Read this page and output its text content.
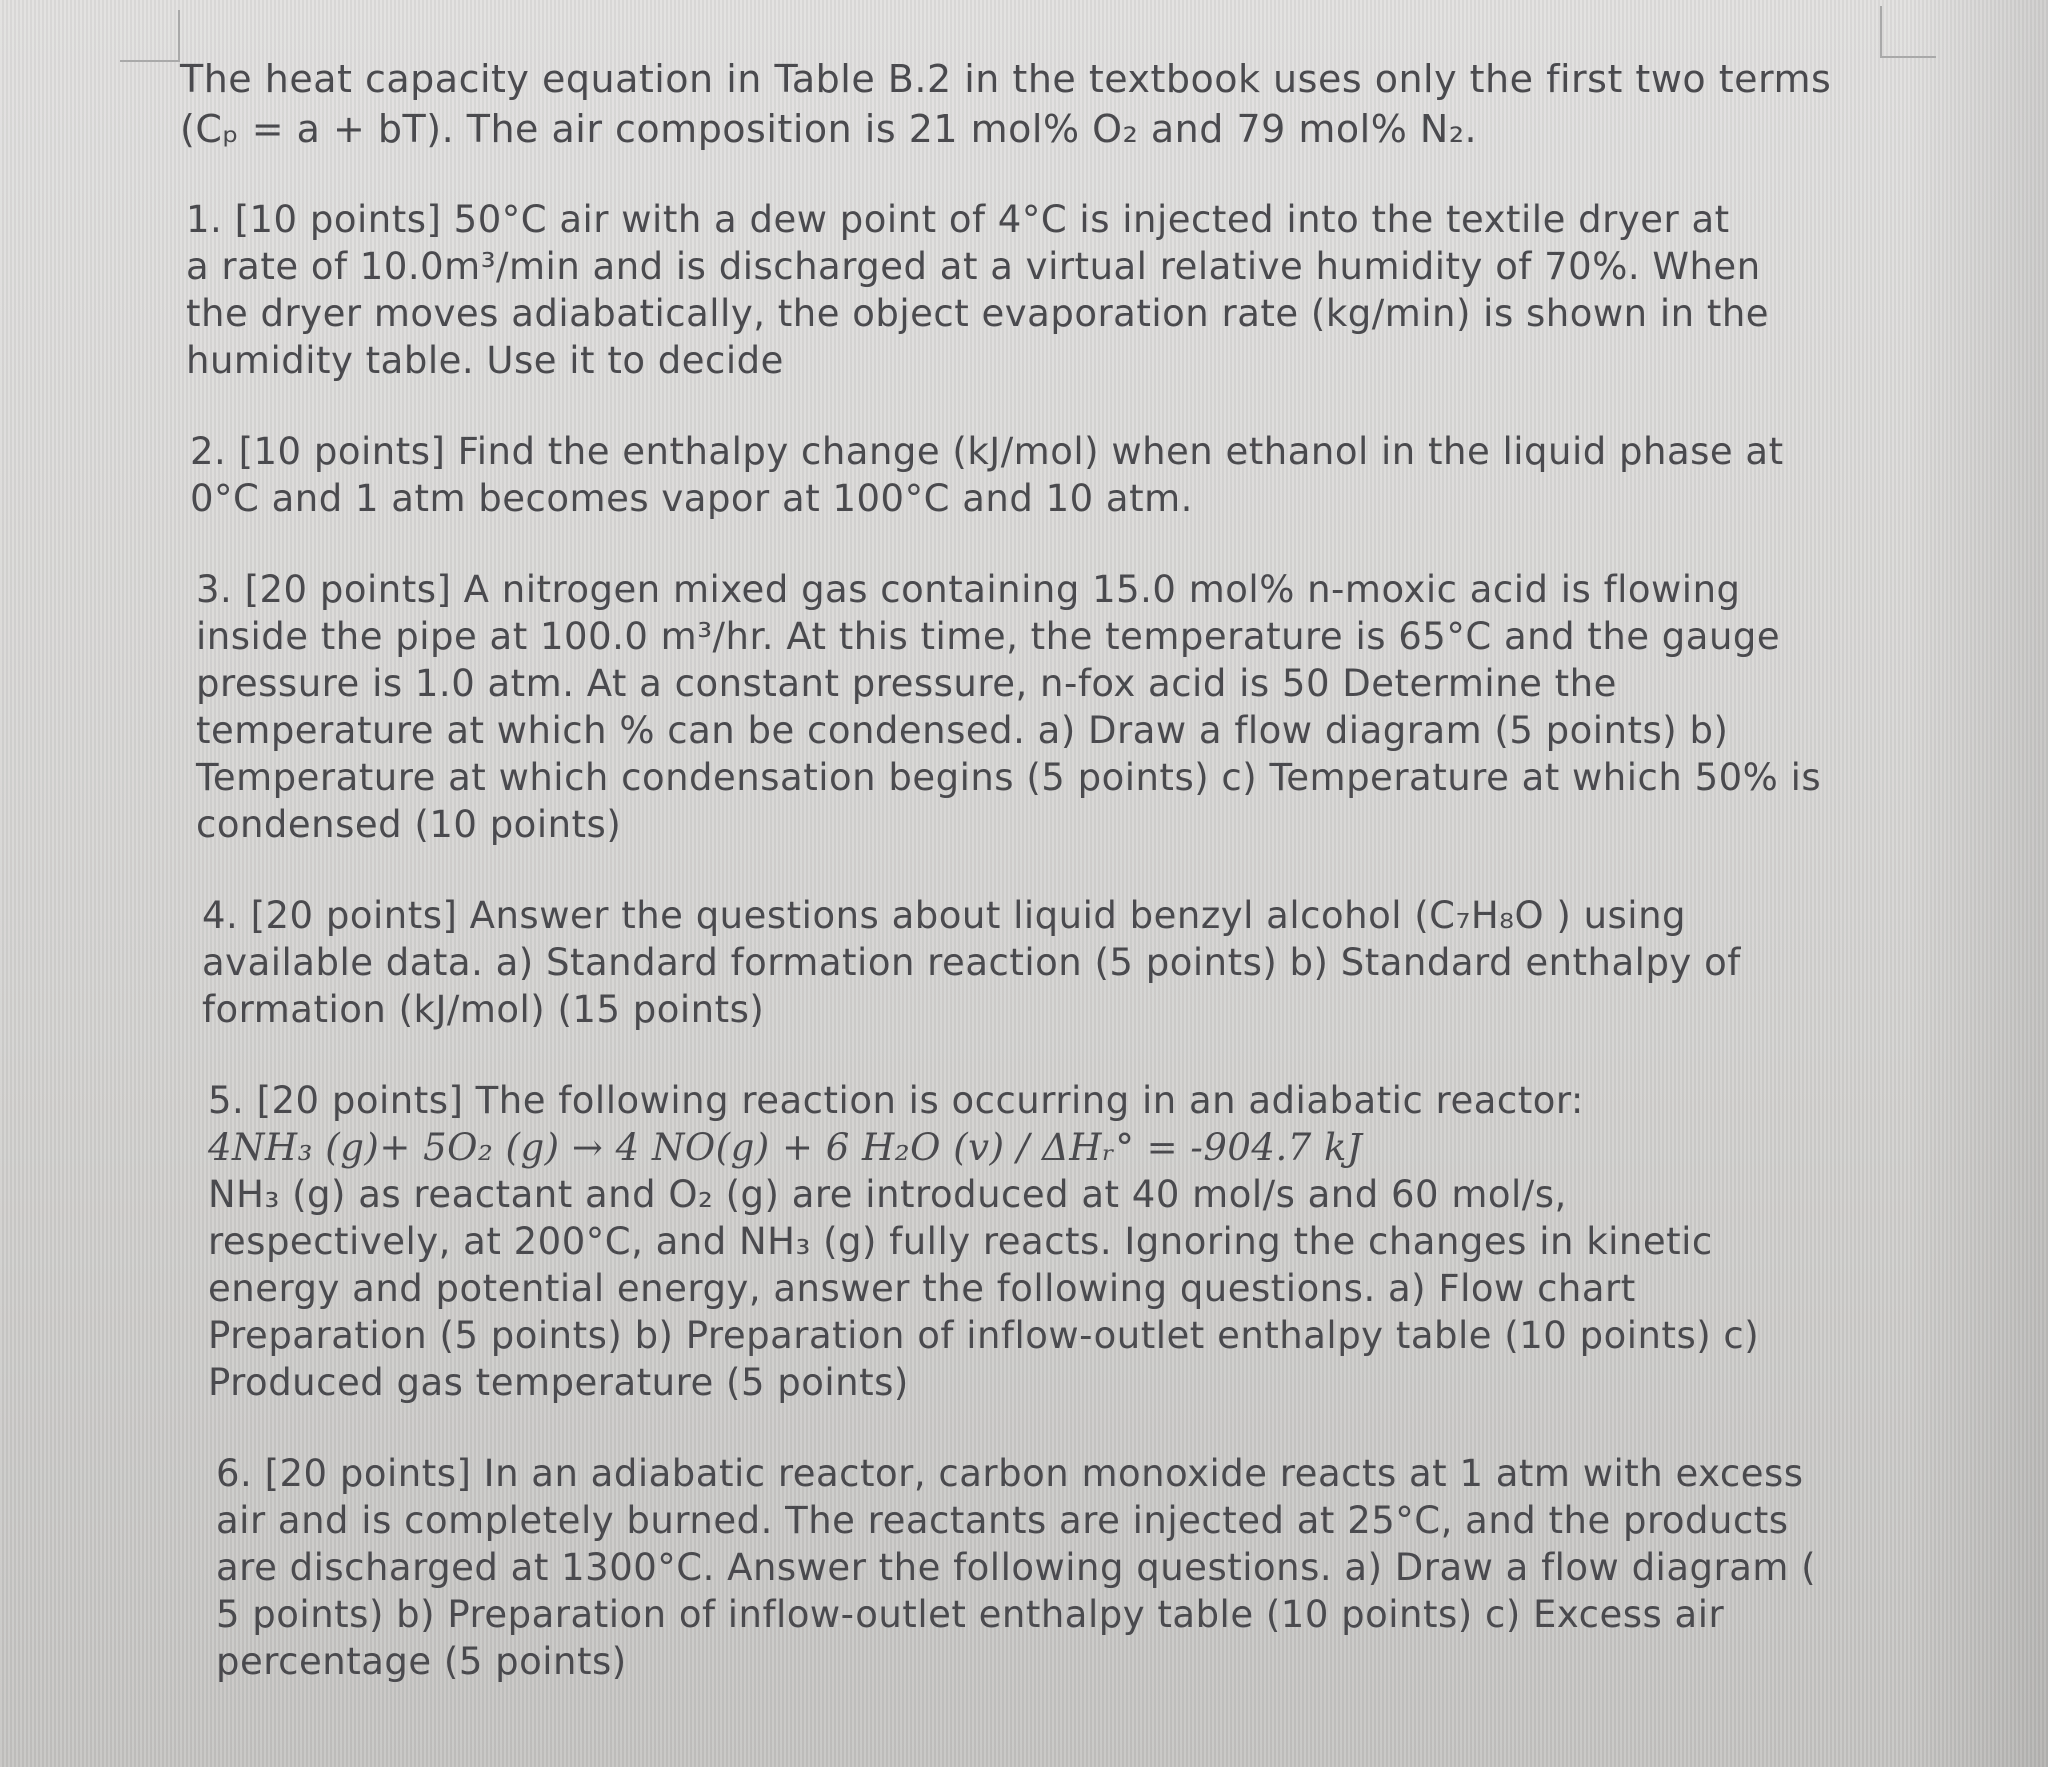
The heat capacity equation in Table B.2 in the textbook uses only the first two terms
(Cₚ = a + bT). The air composition is 21 mol% O₂ and 79 mol% N₂.

1. [10 points] 50°C air with a dew point of 4°C is injected into the textile dryer at
a rate of 10.0m³/min and is discharged at a virtual relative humidity of 70%. When
the dryer moves adiabatically, the object evaporation rate (kg/min) is shown in the
humidity table. Use it to decide

2. [10 points] Find the enthalpy change (kJ/mol) when ethanol in the liquid phase at
0°C and 1 atm becomes vapor at 100°C and 10 atm.

3. [20 points] A nitrogen mixed gas containing 15.0 mol% n-moxic acid is flowing
inside the pipe at 100.0 m³/hr. At this time, the temperature is 65°C and the gauge
pressure is 1.0 atm. At a constant pressure, n-fox acid is 50 Determine the
temperature at which % can be condensed. a) Draw a flow diagram (5 points) b)
Temperature at which condensation begins (5 points) c) Temperature at which 50% is
condensed (10 points)

4. [20 points] Answer the questions about liquid benzyl alcohol (C₇H₈O ) using
available data. a) Standard formation reaction (5 points) b) Standard enthalpy of
formation (kJ/mol) (15 points)

5. [20 points] The following reaction is occurring in an adiabatic reactor:
4NH₃ (g)+ 5O₂ (g) → 4 NO(g) + 6 H₂O (v) / ΔHᵣ° = -904.7 kJ
NH₃ (g) as reactant and O₂ (g) are introduced at 40 mol/s and 60 mol/s,
respectively, at 200°C, and NH₃ (g) fully reacts. Ignoring the changes in kinetic
energy and potential energy, answer the following questions. a) Flow chart
Preparation (5 points) b) Preparation of inflow-outlet enthalpy table (10 points) c)
Produced gas temperature (5 points)

6. [20 points] In an adiabatic reactor, carbon monoxide reacts at 1 atm with excess
air and is completely burned. The reactants are injected at 25°C, and the products
are discharged at 1300°C. Answer the following questions. a) Draw a flow diagram (
5 points) b) Preparation of inflow-outlet enthalpy table (10 points) c) Excess air
percentage (5 points)
